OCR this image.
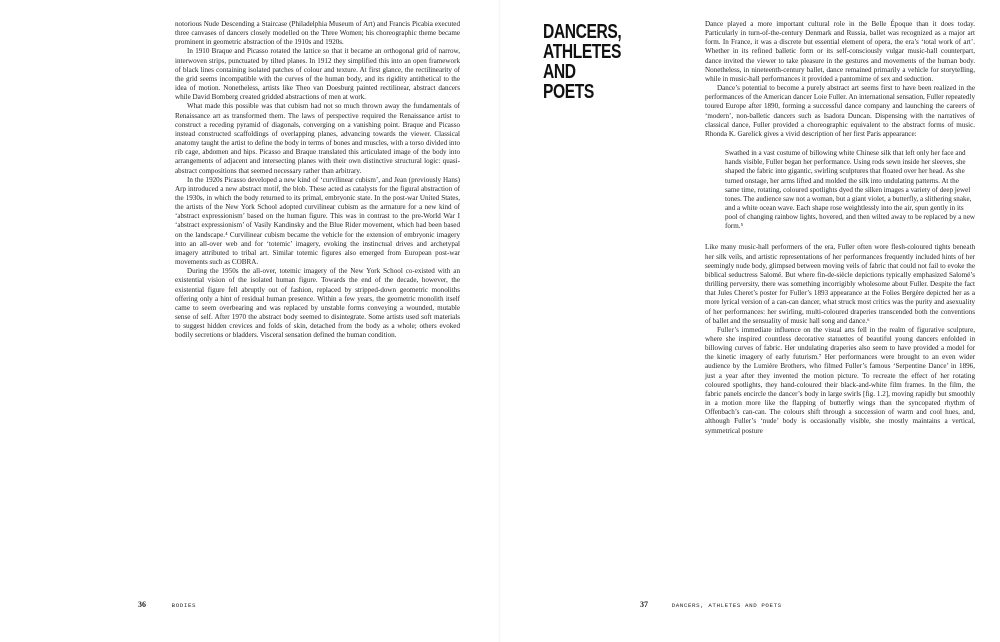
notorious Nude Descending a Staircase (Philadelphia Museum of Art) and Francis Picabia executed three canvases of dancers closely modelled on the Three Women; his choreographic theme became prominent in geometric abstraction of the 1910s and 1920s.

In 1910 Braque and Picasso rotated the lattice so that it became an orthogonal grid of narrow, interwoven strips, punctuated by tilted planes. In 1912 they simplified this into an open framework of black lines containing isolated patches of colour and texture. At first glance, the rectilinearity of the grid seems incompatible with the curves of the human body, and its rigidity antithetical to the idea of motion. Nonetheless, artists like Theo van Doesburg painted rectilinear, abstract dancers while David Bomberg created gridded abstractions of men at work.

What made this possible was that cubism had not so much thrown away the fundamentals of Renaissance art as transformed them. The laws of perspective required the Renaissance artist to construct a receding pyramid of diagonals, converging on a vanishing point. Braque and Picasso instead constructed scaffoldings of overlapping planes, advancing towards the viewer. Classical anatomy taught the artist to define the body in terms of bones and muscles, with a torso divided into rib cage, abdomen and hips. Picasso and Braque translated this articulated image of the body into arrangements of adjacent and intersecting planes with their own distinctive structural logic: quasi-abstract compositions that seemed necessary rather than arbitrary.

In the 1920s Picasso developed a new kind of ‘curvilinear cubism’, and Jean (previously Hans) Arp introduced a new abstract motif, the blob. These acted as catalysts for the figural abstraction of the 1930s, in which the body returned to its primal, embryonic state. In the post-war United States, the artists of the New York School adopted curvilinear cubism as the armature for a new kind of ‘abstract expressionism’ based on the human figure. This was in contrast to the pre-World War I ‘abstract expressionism’ of Vasily Kandinsky and the Blue Rider movement, which had been based on the landscape.⁴ Curvilinear cubism became the vehicle for the extension of embryonic imagery into an all-over web and for ‘totemic’ imagery, evoking the instinctual drives and archetypal imagery attributed to tribal art. Similar totemic figures also emerged from European post-war movements such as COBRA.

During the 1950s the all-over, totemic imagery of the New York School co-existed with an existential vision of the isolated human figure. Towards the end of the decade, however, the existential figure fell abruptly out of fashion, replaced by stripped-down geometric monoliths offering only a hint of residual human presence. Within a few years, the geometric monolith itself came to seem overbearing and was replaced by unstable forms conveying a wounded, mutable sense of self. After 1970 the abstract body seemed to disintegrate. Some artists used soft materials to suggest hidden crevices and folds of skin, detached from the body as a whole; others evoked bodily secretions or bladders. Visceral sensation defined the human condition.

36	BODIES
DANCERS,
ATHLETES
AND POETS

Dance played a more important cultural role in the Belle Époque than it does today. Particularly in turn-of-the-century Denmark and Russia, ballet was recognized as a major art form. In France, it was a discrete but essential element of opera, the era’s ‘total work of art’. Whether in its refined balletic form or its self-consciously vulgar music-hall counterpart, dance invited the viewer to take pleasure in the gestures and movements of the human body. Nonetheless, in nineteenth-century ballet, dance remained primarily a vehicle for storytelling, while in music-hall performances it provided a pantomime of sex and seduction.

Dance’s potential to become a purely abstract art seems first to have been realized in the performances of the American dancer Loie Fuller. An international sensation, Fuller repeatedly toured Europe after 1890, forming a successful dance company and launching the careers of ‘modern’, non-balletic dancers such as Isadora Duncan. Dispensing with the narratives of classical dance, Fuller provided a choreographic equivalent to the abstract forms of music. Rhonda K. Garelick gives a vivid description of her first Paris appearance:

Swathed in a vast costume of billowing white Chinese silk that left only her face and hands visible, Fuller began her performance. Using rods sewn inside her sleeves, she shaped the fabric into gigantic, swirling sculptures that floated over her head. As she turned onstage, her arms lifted and molded the silk into undulating patterns. At the same time, rotating, coloured spotlights dyed the silken images a variety of deep jewel tones. The audience saw not a woman, but a giant violet, a butterfly, a slithering snake, and a white ocean wave. Each shape rose weightlessly into the air, spun gently in its pool of changing rainbow lights, hovered, and then wilted away to be replaced by a new form.⁵

Like many music-hall performers of the era, Fuller often wore flesh-coloured tights beneath her silk veils, and artistic representations of her performances frequently included hints of her seemingly nude body, glimpsed between moving veils of fabric that could not fail to evoke the biblical seductress Salomé. But where fin-de-siècle depictions typically emphasized Salomé’s thrilling perversity, there was something incorrigibly wholesome about Fuller. Despite the fact that Jules Cheret’s poster for Fuller’s 1893 appearance at the Folies Bergère depicted her as a more lyrical version of a can-can dancer, what struck most critics was the purity and asexuality of her performances: her swirling, multi-coloured draperies transcended both the conventions of ballet and the sensuality of music hall song and dance.⁶

Fuller’s immediate influence on the visual arts fell in the realm of figurative sculpture, where she inspired countless decorative statuettes of beautiful young dancers enfolded in billowing curves of fabric. Her undulating draperies also seem to have provided a model for the kinetic imagery of early futurism.⁷ Her performances were brought to an even wider audience by the Lumière Brothers, who filmed Fuller’s famous ‘Serpentine Dance’ in 1896, just a year after they invented the motion picture. To recreate the effect of her rotating coloured spotlights, they hand-coloured their black-and-white film frames. In the film, the fabric panels encircle the dancer’s body in large swirls [fig. 1.2], moving rapidly but smoothly in a motion more like the flapping of butterfly wings than the syncopated rhythm of Offenbach’s can-can. The colours shift through a succession of warm and cool hues, and, although Fuller’s ‘nude’ body is occasionally visible, she mostly maintains a vertical, symmetrical posture

37	DANCERS, ATHLETES AND POETS
